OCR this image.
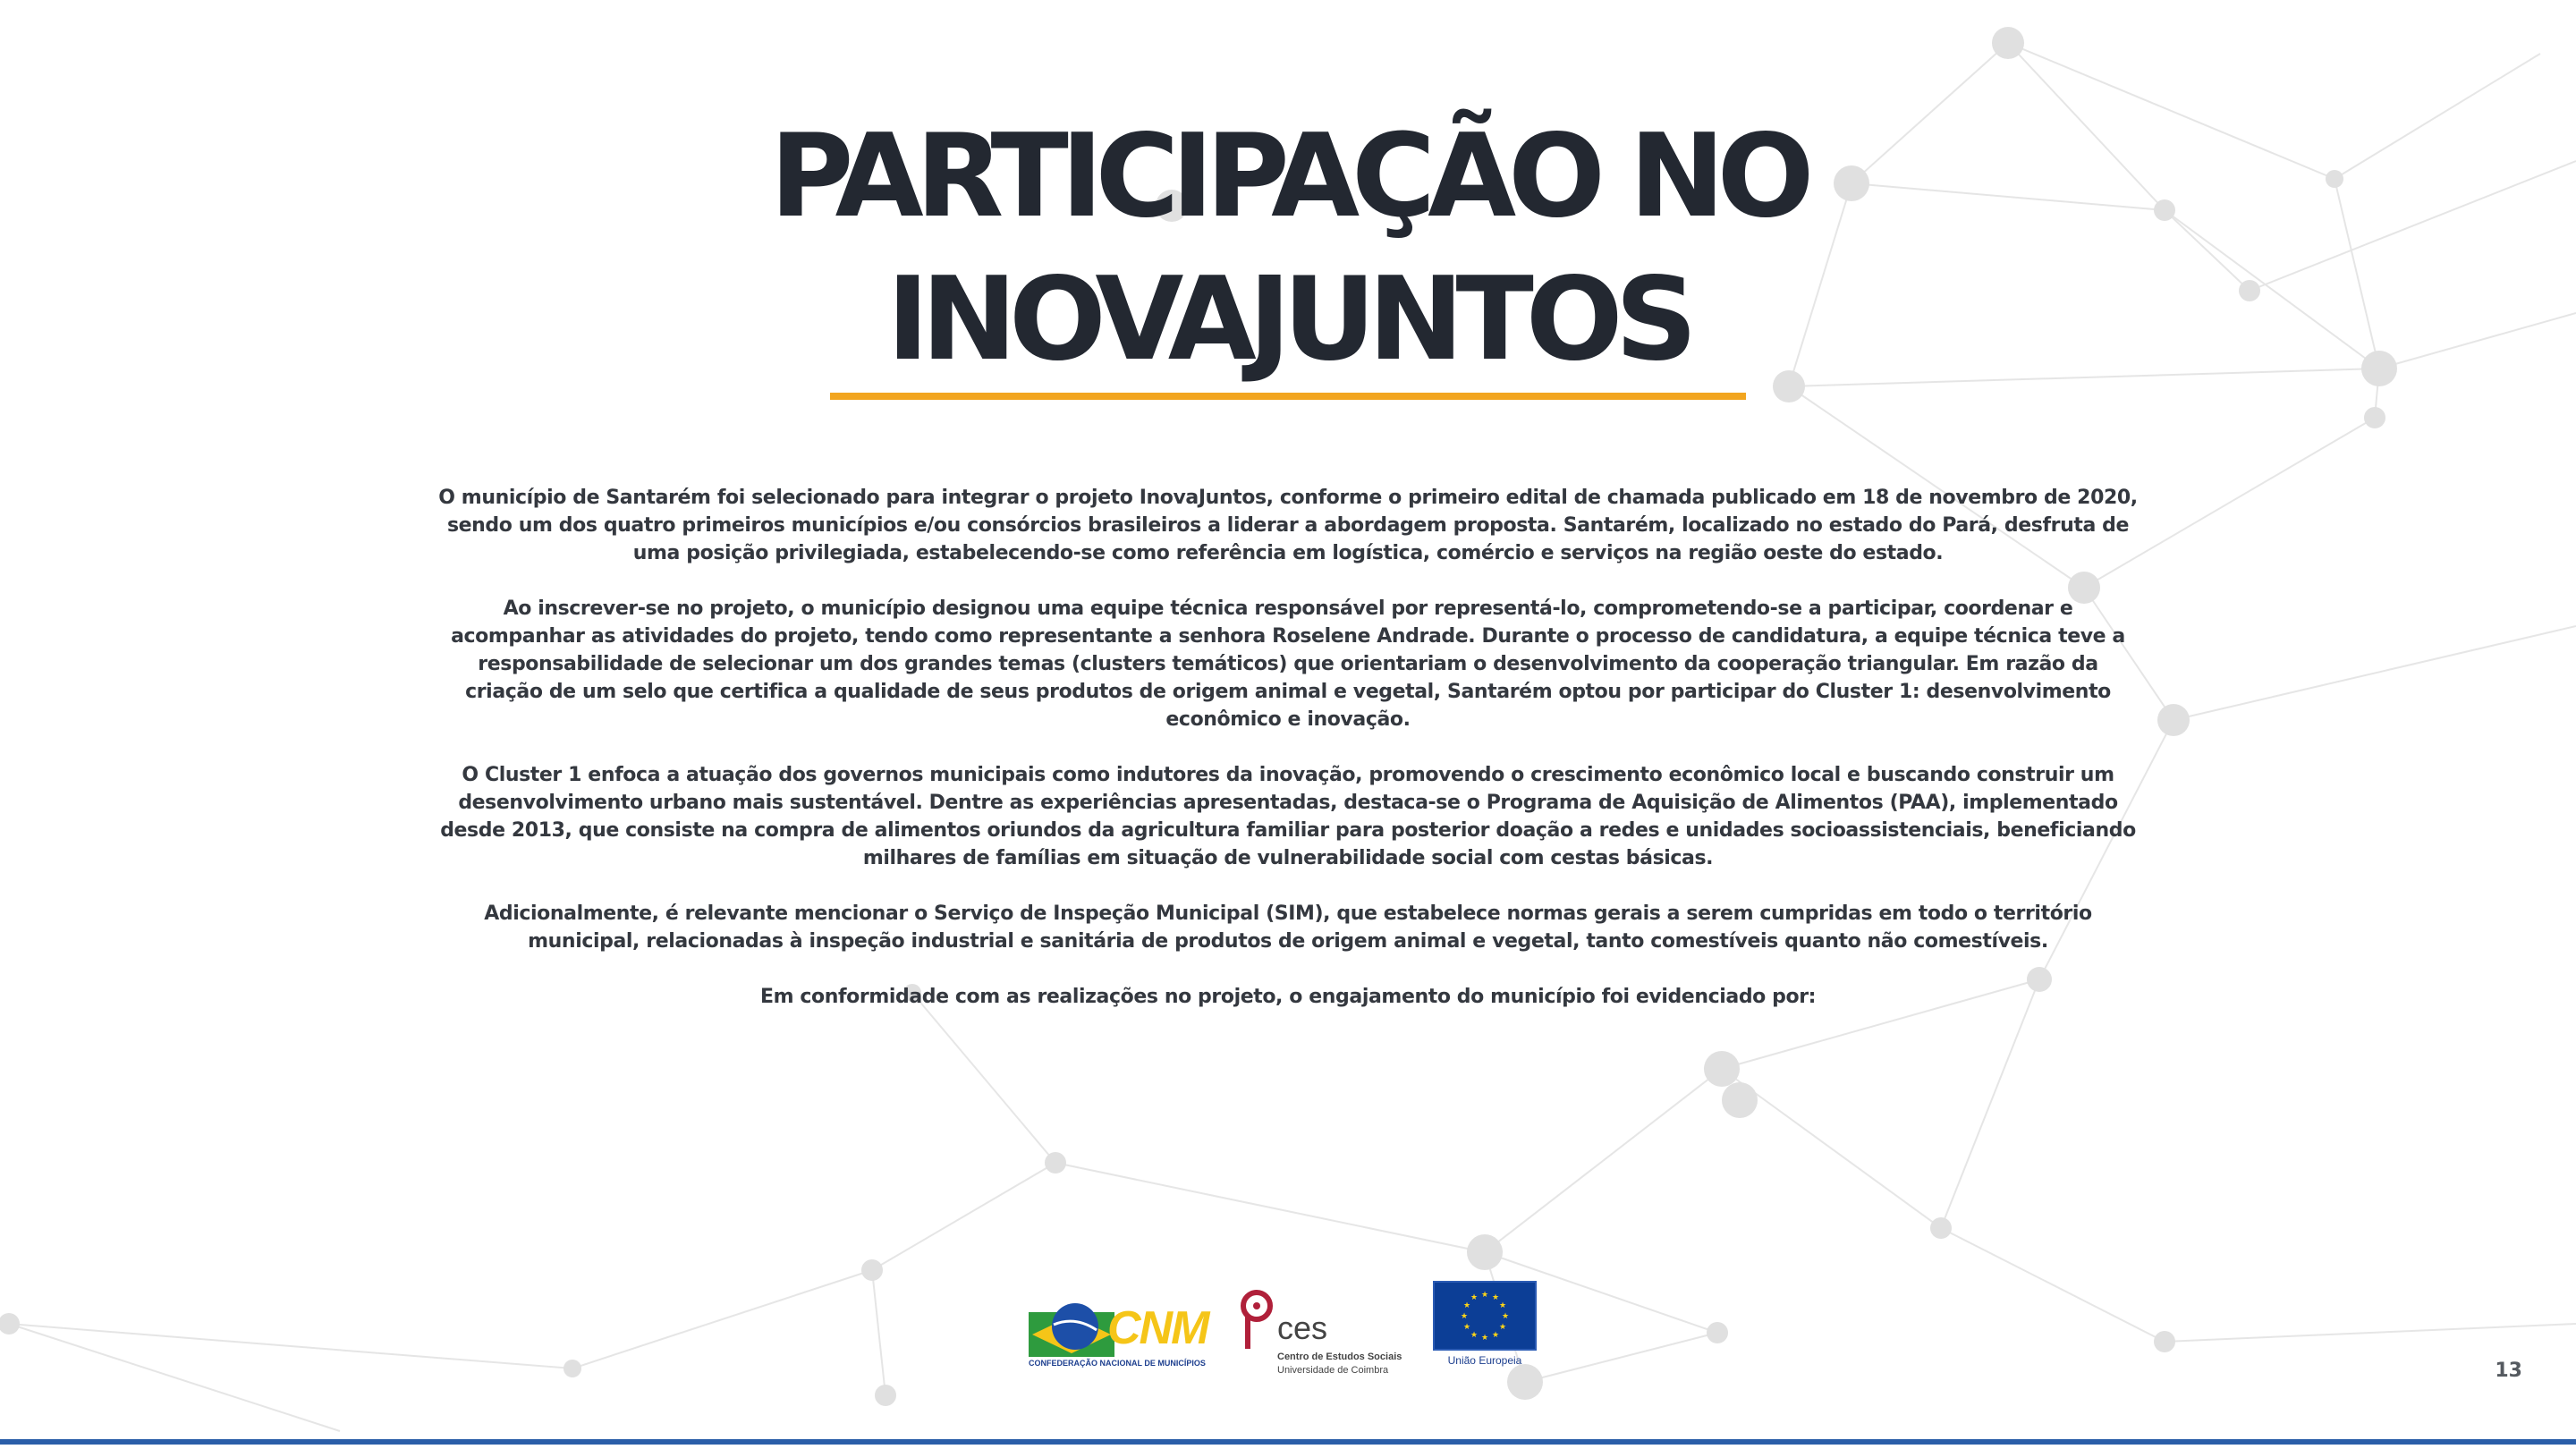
PARTICIPAÇÃO NO
INOVAJUNTOS

O município de Santarém foi selecionado para integrar o projeto InovaJuntos, conforme o primeiro edital de chamada publicado em 18 de novembro de 2020, sendo um dos quatro primeiros municípios e/ou consórcios brasileiros a liderar a abordagem proposta. Santarém, localizado no estado do Pará, desfruta de uma posição privilegiada, estabelecendo-se como referência em logística, comércio e serviços na região oeste do estado.

Ao inscrever-se no projeto, o município designou uma equipe técnica responsável por representá-lo, comprometendo-se a participar, coordenar e acompanhar as atividades do projeto, tendo como representante a senhora Roselene Andrade. Durante o processo de candidatura, a equipe técnica teve a responsabilidade de selecionar um dos grandes temas (clusters temáticos) que orientariam o desenvolvimento da cooperação triangular. Em razão da criação de um selo que certifica a qualidade de seus produtos de origem animal e vegetal, Santarém optou por participar do Cluster 1: desenvolvimento econômico e inovação.

O Cluster 1 enfoca a atuação dos governos municipais como indutores da inovação, promovendo o crescimento econômico local e buscando construir um desenvolvimento urbano mais sustentável. Dentre as experiências apresentadas, destaca-se o Programa de Aquisição de Alimentos (PAA), implementado desde 2013, que consiste na compra de alimentos oriundos da agricultura familiar para posterior doação a redes e unidades socioassistenciais, beneficiando milhares de famílias em situação de vulnerabilidade social com cestas básicas.

Adicionalmente, é relevante mencionar o Serviço de Inspeção Municipal (SIM), que estabelece normas gerais a serem cumpridas em todo o território municipal, relacionadas à inspeção industrial e sanitária de produtos de origem animal e vegetal, tanto comestíveis quanto não comestíveis.

Em conformidade com as realizações no projeto, o engajamento do município foi evidenciado por:

CNM
CONFEDERAÇÃO NACIONAL DE MUNICÍPIOS
ces
Centro de Estudos Sociais
Universidade de Coimbra
★ ★
★
★
★
★
★
★
★
★
★
★
União Europeia	13
